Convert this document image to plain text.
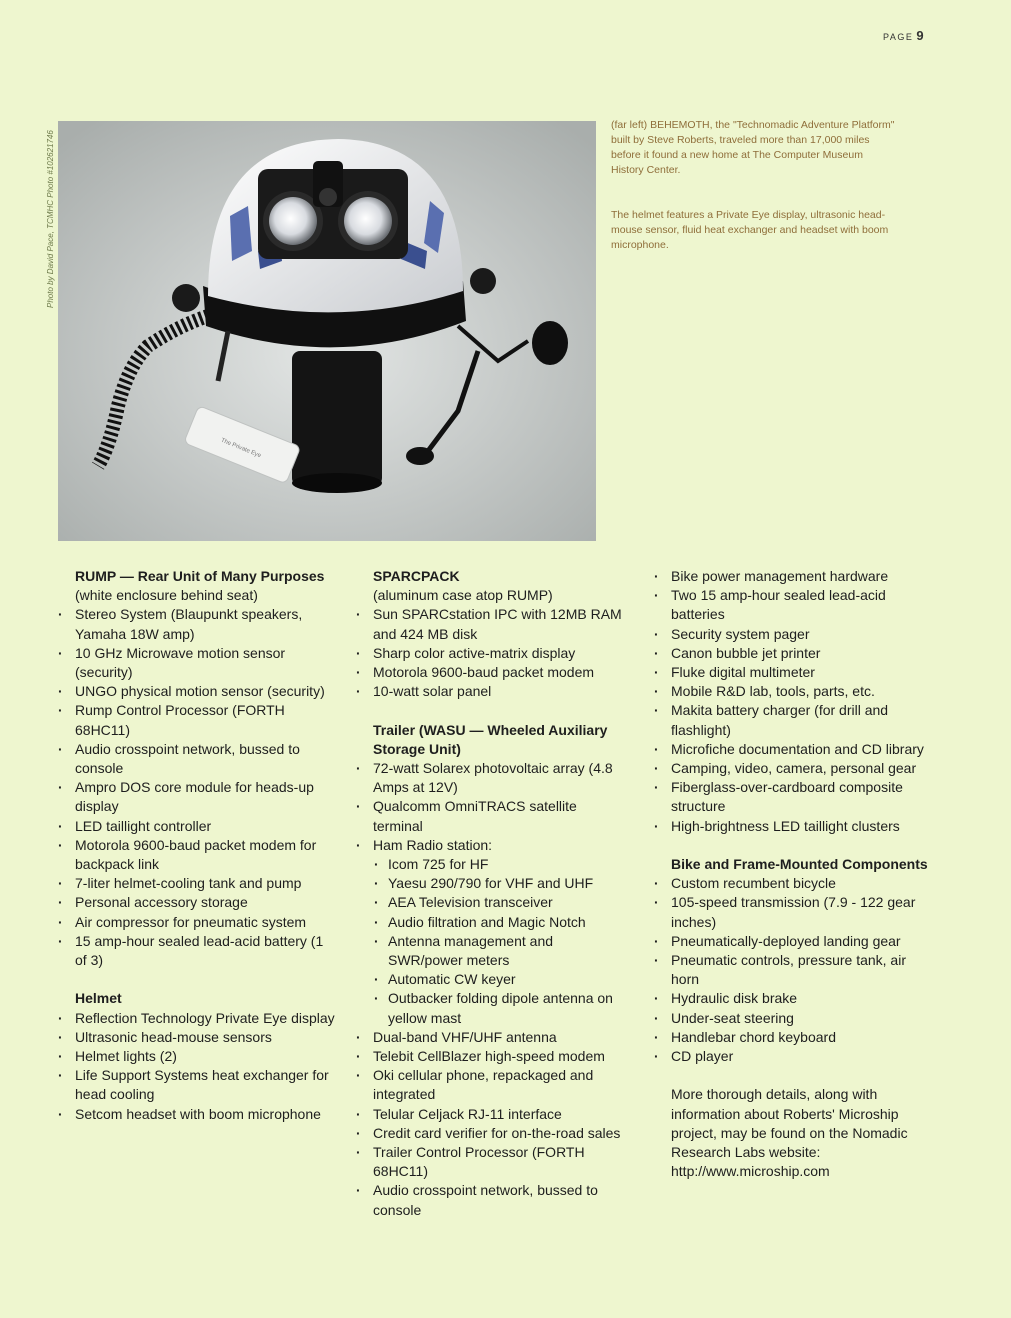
PAGE 9
Photo by David Pace, TCMHC Photo #102621746
The Private Eye
(far left) BEHEMOTH, the "Technomadic Adventure Platform" built by Steve Roberts, traveled more than 17,000 miles before it found a new home at The Computer Museum History Center.
The helmet features a Private Eye display, ultrasonic head-mouse sensor, fluid heat exchanger and headset with boom microphone.
RUMP — Rear Unit of Many Purposes
(white enclosure behind seat)
· Stereo System (Blaupunkt speakers, Yamaha 18W amp)
· 10 GHz Microwave motion sensor (security)
· UNGO physical motion sensor (security)
· Rump Control Processor (FORTH 68HC11)
· Audio crosspoint network, bussed to console
· Ampro DOS core module for heads-up display
· LED taillight controller
· Motorola 9600-baud packet modem for backpack link
· 7-liter helmet-cooling tank and pump
· Personal accessory storage
· Air compressor for pneumatic system
· 15 amp-hour sealed lead-acid battery (1 of 3)
Helmet
· Reflection Technology Private Eye display
· Ultrasonic head-mouse sensors
· Helmet lights (2)
· Life Support Systems heat exchanger for head cooling
· Setcom headset with boom microphone
SPARCPACK
(aluminum case atop RUMP)
· Sun SPARCstation IPC with 12MB RAM and 424 MB disk
· Sharp color active-matrix display
· Motorola 9600-baud packet modem
· 10-watt solar panel
Trailer (WASU — Wheeled Auxiliary Storage Unit)
· 72-watt Solarex photovoltaic array (4.8 Amps at 12V)
· Qualcomm OmniTRACS satellite terminal
· Ham Radio station:
· Icom 725 for HF
· Yaesu 290/790 for VHF and UHF
· AEA Television transceiver
· Audio filtration and Magic Notch
· Antenna management and SWR/power meters
· Automatic CW keyer
· Outbacker folding dipole antenna on yellow mast
· Dual-band VHF/UHF antenna
· Telebit CellBlazer high-speed modem
· Oki cellular phone, repackaged and integrated
· Telular Celjack RJ-11 interface
· Credit card verifier for on-the-road sales
· Trailer Control Processor (FORTH 68HC11)
· Audio crosspoint network, bussed to console
· Bike power management hardware
· Two 15 amp-hour sealed lead-acid batteries
· Security system pager
· Canon bubble jet printer
· Fluke digital multimeter
· Mobile R&D lab, tools, parts, etc.
· Makita battery charger (for drill and flashlight)
· Microfiche documentation and CD library
· Camping, video, camera, personal gear
· Fiberglass-over-cardboard composite structure
· High-brightness LED taillight clusters
Bike and Frame-Mounted Components
· Custom recumbent bicycle
· 105-speed transmission (7.9 - 122 gear inches)
· Pneumatically-deployed landing gear
· Pneumatic controls, pressure tank, air horn
· Hydraulic disk brake
· Under-seat steering
· Handlebar chord keyboard
· CD player
More thorough details, along with information about Roberts' Microship project, may be found on the Nomadic Research Labs website:
http://www.microship.com
